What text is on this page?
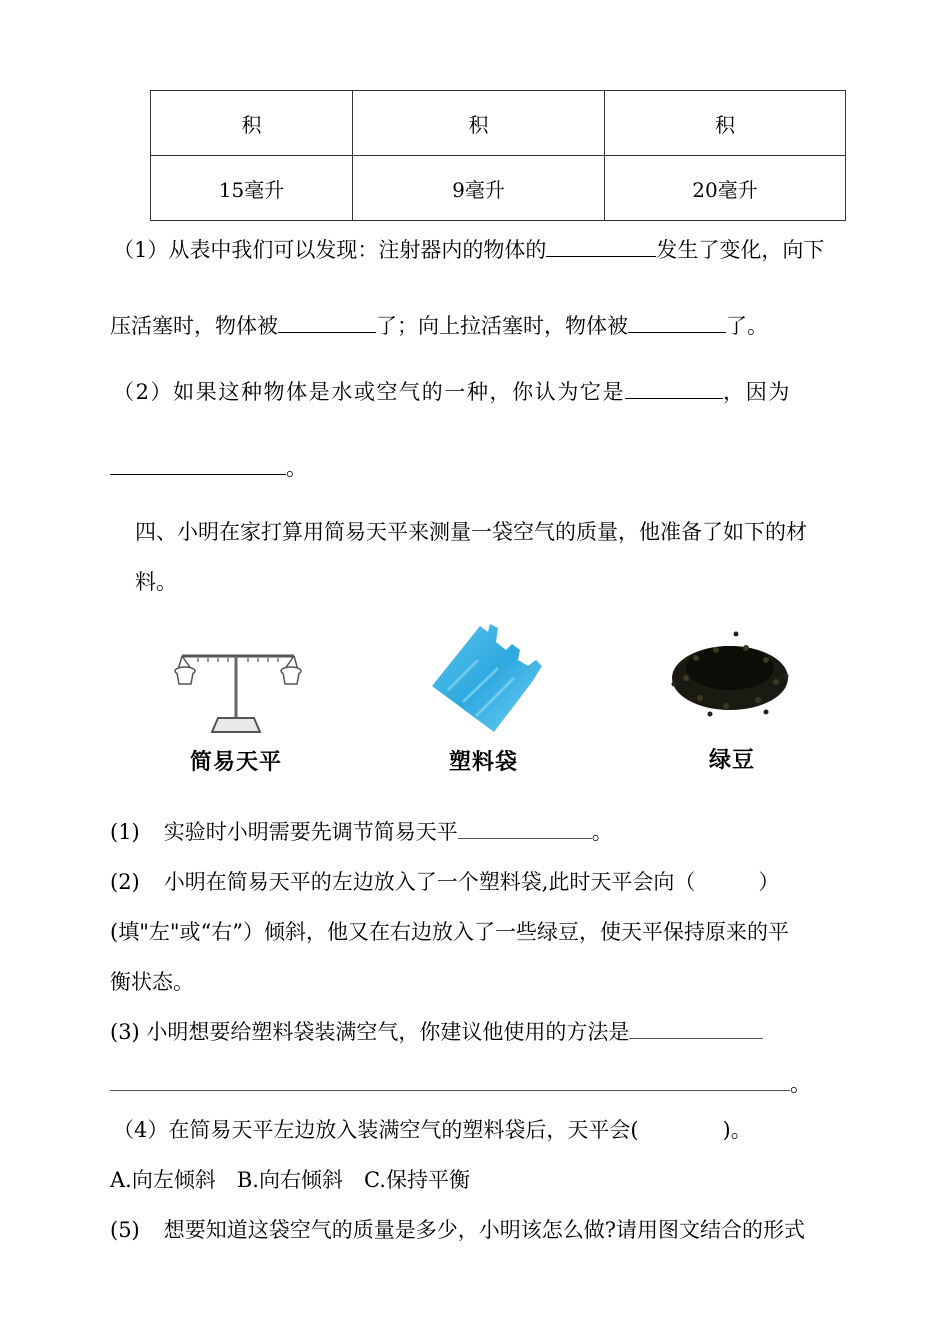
积	积	积
15毫升	9毫升	20毫升
（1）从表中我们可以发现：注射器内的物体的	发生了变化，向下
压活塞时，物体被	了；向上拉活塞时，物体被	了。
（2）如果这种物体是水或空气的一种，你认为它是	，因为
。
四、小明在家打算用简易天平来测量一袋空气的质量，他准备了如下的材
料。
简易天平	塑料袋	绿豆
(1) 实验时小明需要先调节简易天平	。
(2) 小明在简易天平的左边放入了一个塑料袋,此时天平会向（　　　）
(填"左"或“右”）倾斜，他又在右边放入了一些绿豆，使天平保持原来的平
衡状态。
(3) 小明想要给塑料袋装满空气，你建议他使用的方法是
。
（4）在简易天平左边放入装满空气的塑料袋后，天平会(　　　　)。
A.向左倾斜　B.向右倾斜　C.保持平衡
(5) 想要知道这袋空气的质量是多少，小明该怎么做?请用图文结合的形式
